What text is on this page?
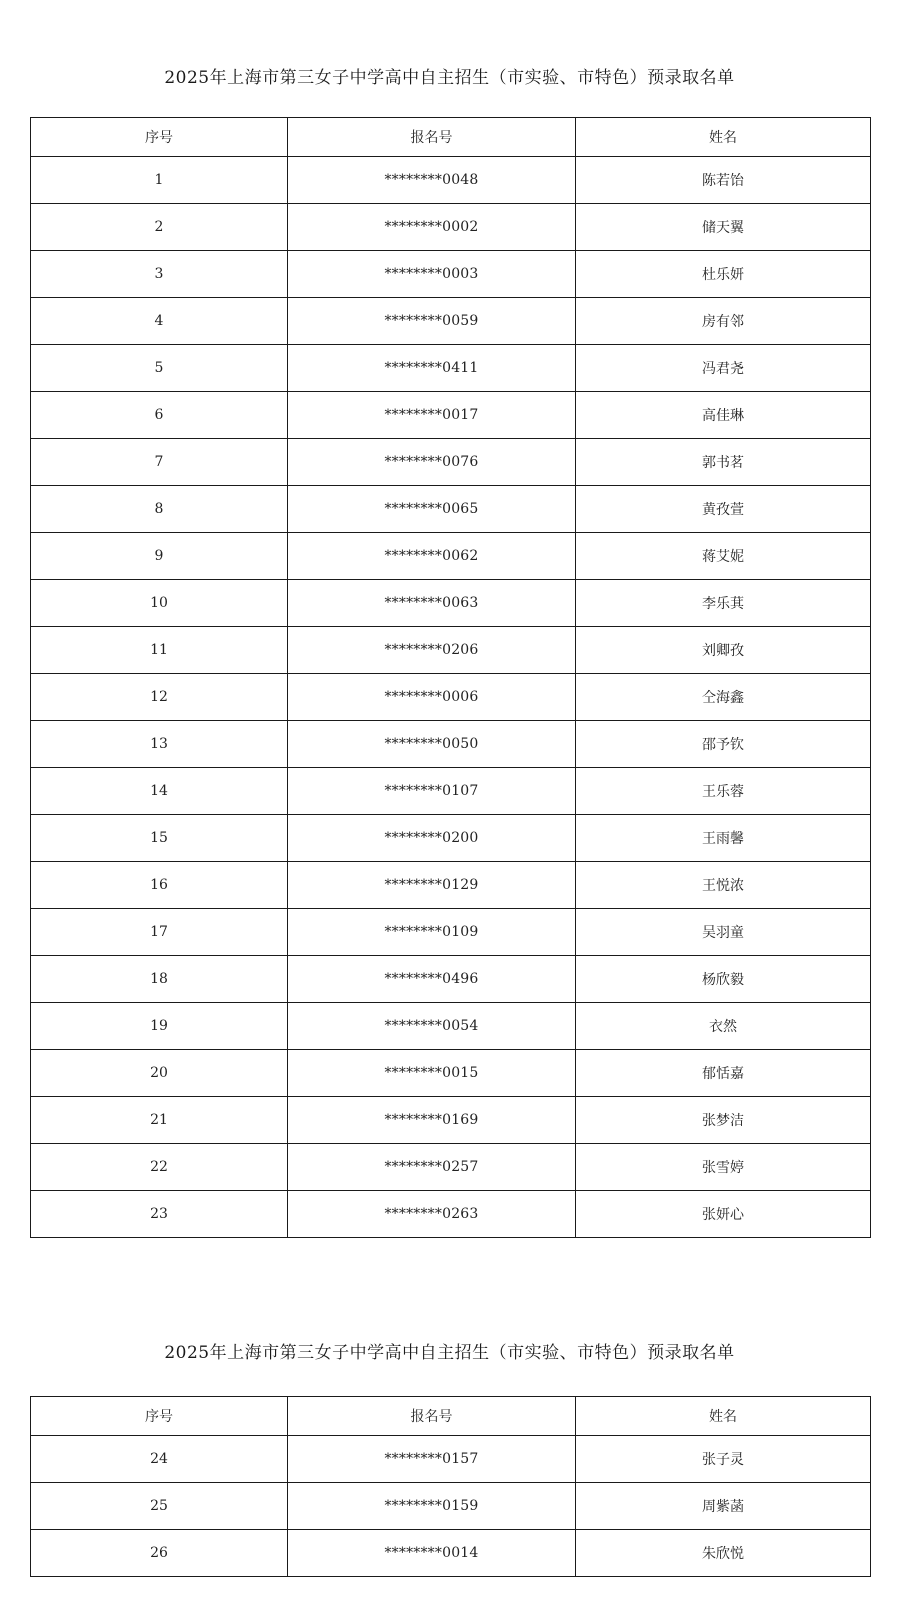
2025年上海市第三女子中学高中自主招生（市实验、市特色）预录取名单
序号	报名号	姓名
1	********0048	陈若饴
2	********0002	储天翼
3	********0003	杜乐妍
4	********0059	房有邻
5	********0411	冯君尧
6	********0017	高佳琳
7	********0076	郭书茗
8	********0065	黄孜萱
9	********0062	蒋艾妮
10	********0063	李乐萁
11	********0206	刘卿孜
12	********0006	仝海鑫
13	********0050	邵予钦
14	********0107	王乐蓉
15	********0200	王雨馨
16	********0129	王悦浓
17	********0109	吴羽童
18	********0496	杨欣毅
19	********0054	衣然
20	********0015	郁恬嘉
21	********0169	张梦洁
22	********0257	张雪婷
23	********0263	张妍心
2025年上海市第三女子中学高中自主招生（市实验、市特色）预录取名单
序号	报名号	姓名
24	********0157	张子灵
25	********0159	周紫菡
26	********0014	朱欣悦
